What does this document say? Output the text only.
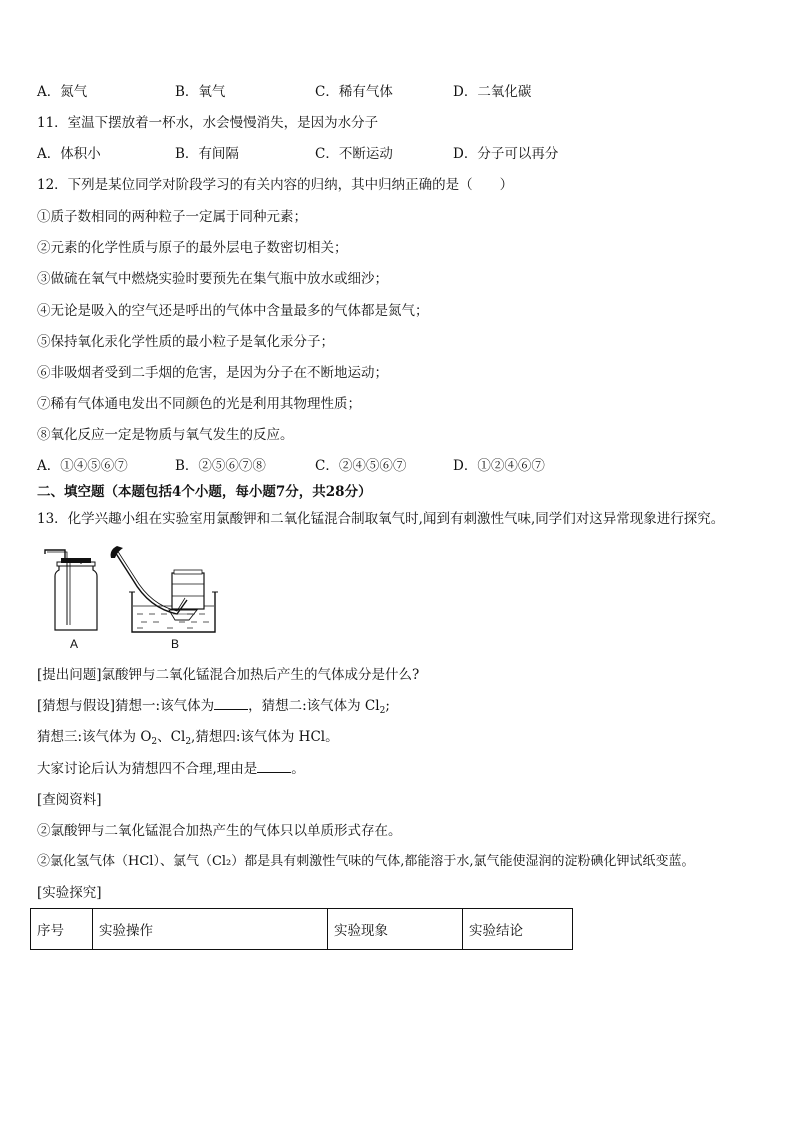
A．氮气	B．氧气	C．稀有气体	D．二氧化碳
11．室温下摆放着一杯水，水会慢慢消失，是因为水分子
A．体积小	B．有间隔	C．不断运动	D．分子可以再分
12．下列是某位同学对阶段学习的有关内容的归纳，其中归纳正确的是（　　）
①质子数相同的两种粒子一定属于同种元素；
②元素的化学性质与原子的最外层电子数密切相关；
③做硫在氧气中燃烧实验时要预先在集气瓶中放水或细沙；
④无论是吸入的空气还是呼出的气体中含量最多的气体都是氮气；
⑤保持氧化汞化学性质的最小粒子是氧化汞分子；
⑥非吸烟者受到二手烟的危害，是因为分子在不断地运动；
⑦稀有气体通电发出不同颜色的光是利用其物理性质；
⑧氧化反应一定是物质与氧气发生的反应。
A．①④⑤⑥⑦	B．②⑤⑥⑦⑧	C．②④⑤⑥⑦	D．①②④⑥⑦
二、填空题（本题包括4个小题，每小题7分，共28分）
13．化学兴趣小组在实验室用氯酸钾和二氧化锰混合制取氧气时,闻到有刺激性气味,同学们对这异常现象进行探究。
A	B
[提出问题]氯酸钾与二氧化锰混合加热后产生的气体成分是什么?
[猜想与假设]猜想一:该气体为	，猜想二:该气体为 $Cl_2$;
猜想三:该气体为 $O_2$、$Cl_2$,猜想四:该气体为 HCl。
大家讨论后认为猜想四不合理,理由是	。
[查阅资料]
②氯酸钾与二氧化锰混合加热产生的气体只以单质形式存在。
②氯化氢气体（HCl）、氯气（Cl₂）都是具有刺激性气味的气体,都能溶于水,氯气能使湿润的淀粉碘化钾试纸变蓝。
[实验探究]
序号	实验操作	实验现象	实验结论
